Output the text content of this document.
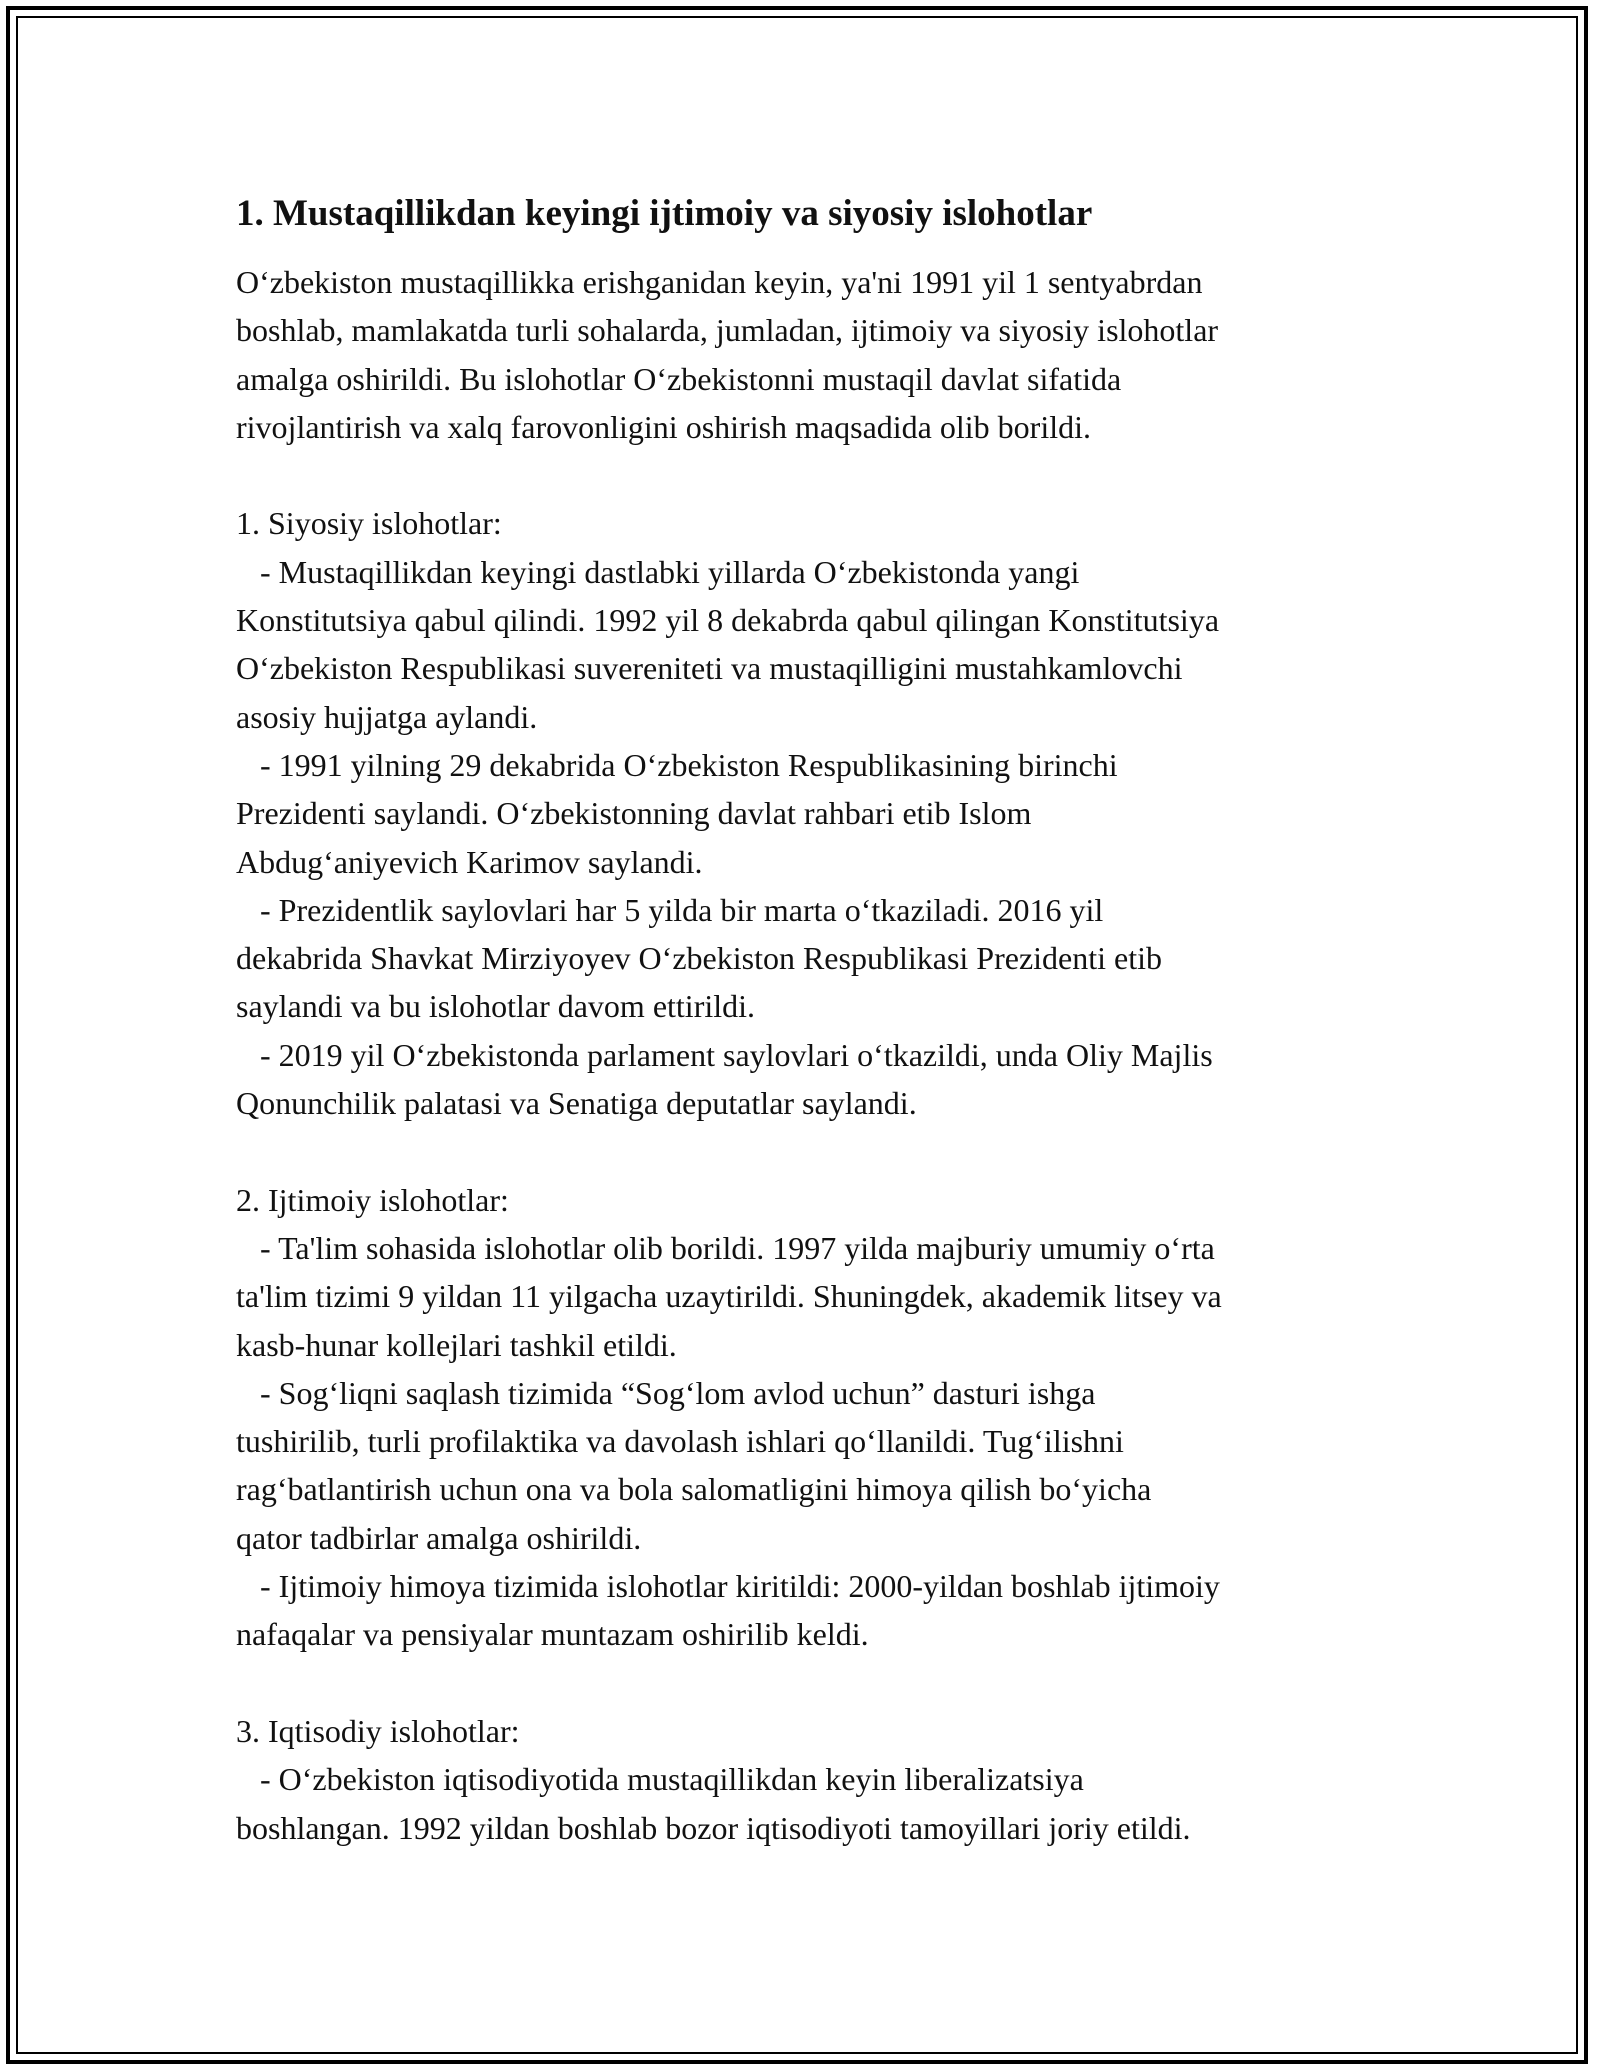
1. Mustaqillikdan keyingi ijtimoiy va siyosiy islohotlar

O‘zbekiston mustaqillikka erishganidan keyin, ya'ni 1991 yil 1 sentyabrdan
boshlab, mamlakatda turli sohalarda, jumladan, ijtimoiy va siyosiy islohotlar
amalga oshirildi. Bu islohotlar O‘zbekistonni mustaqil davlat sifatida
rivojlantirish va xalq farovonligini oshirish maqsadida olib borildi.

1. Siyosiy islohotlar:
- Mustaqillikdan keyingi dastlabki yillarda O‘zbekistonda yangi
Konstitutsiya qabul qilindi. 1992 yil 8 dekabrda qabul qilingan Konstitutsiya
O‘zbekiston Respublikasi suvereniteti va mustaqilligini mustahkamlovchi
asosiy hujjatga aylandi.
- 1991 yilning 29 dekabrida O‘zbekiston Respublikasining birinchi
Prezidenti saylandi. O‘zbekistonning davlat rahbari etib Islom
Abdug‘aniyevich Karimov saylandi.
- Prezidentlik saylovlari har 5 yilda bir marta o‘tkaziladi. 2016 yil
dekabrida Shavkat Mirziyoyev O‘zbekiston Respublikasi Prezidenti etib
saylandi va bu islohotlar davom ettirildi.
- 2019 yil O‘zbekistonda parlament saylovlari o‘tkazildi, unda Oliy Majlis
Qonunchilik palatasi va Senatiga deputatlar saylandi.

2. Ijtimoiy islohotlar:
- Ta'lim sohasida islohotlar olib borildi. 1997 yilda majburiy umumiy o‘rta
ta'lim tizimi 9 yildan 11 yilgacha uzaytirildi. Shuningdek, akademik litsey va
kasb-hunar kollejlari tashkil etildi.
- Sog‘liqni saqlash tizimida “Sog‘lom avlod uchun” dasturi ishga
tushirilib, turli profilaktika va davolash ishlari qo‘llanildi. Tug‘ilishni
rag‘batlantirish uchun ona va bola salomatligini himoya qilish bo‘yicha
qator tadbirlar amalga oshirildi.
- Ijtimoiy himoya tizimida islohotlar kiritildi: 2000-yildan boshlab ijtimoiy
nafaqalar va pensiyalar muntazam oshirilib keldi.

3. Iqtisodiy islohotlar:
- O‘zbekiston iqtisodiyotida mustaqillikdan keyin liberalizatsiya
boshlangan. 1992 yildan boshlab bozor iqtisodiyoti tamoyillari joriy etildi.
